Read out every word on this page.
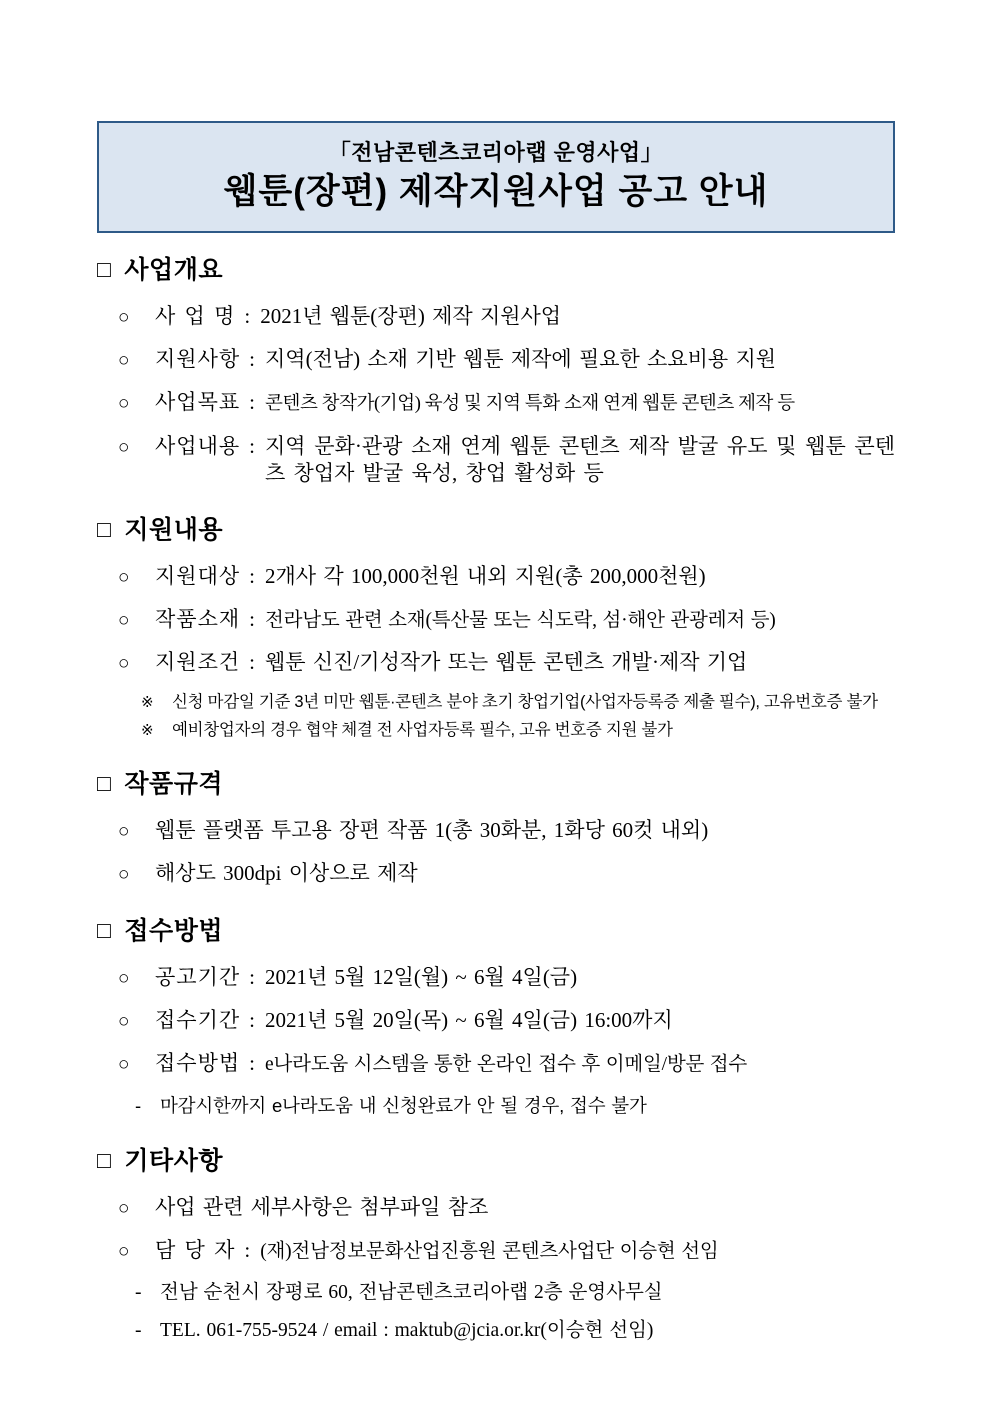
「전남콘텐츠코리아랩 운영사업」
웹툰(장편) 제작지원사업 공고 안내
□ 사업개요
○	사 업 명 : 2021년 웹툰(장편) 제작 지원사업
○	지원사항 : 지역(전남) 소재 기반 웹툰 제작에 필요한 소요비용 지원
○	사업목표 : 콘텐츠 창작가(기업) 육성 및 지역 특화 소재 연계 웹툰 콘텐츠 제작 등
○	사업내용 : 지역 문화·관광 소재 연계 웹툰 콘텐츠 제작 발굴 유도 및 웹툰 콘텐츠 창업자 발굴 육성, 창업 활성화 등
□ 지원내용
○	지원대상 : 2개사 각 100,000천원 내외 지원(총 200,000천원)
○	작품소재 : 전라남도 관련 소재(특산물 또는 식도락, 섬·해안 관광레저 등)
○	지원조건 : 웹툰 신진/기성작가 또는 웹툰 콘텐츠 개발·제작 기업
※	신청 마감일 기준 3년 미만 웹툰·콘텐츠 분야 초기 창업기업(사업자등록증 제출 필수), 고유번호증 불가
※	예비창업자의 경우 협약 체결 전 사업자등록 필수, 고유 번호증 지원 불가
□ 작품규격
○	웹툰 플랫폼 투고용 장편 작품 1(총 30화분, 1화당 60컷 내외)
○	해상도 300dpi 이상으로 제작
□ 접수방법
○	공고기간 : 2021년 5월 12일(월) ~ 6월 4일(금)
○	접수기간 : 2021년 5월 20일(목) ~ 6월 4일(금) 16:00까지
○	접수방법 : e나라도움 시스템을 통한 온라인 접수 후 이메일/방문 접수
-	마감시한까지 e나라도움 내 신청완료가 안 될 경우, 접수 불가
□ 기타사항
○	사업 관련 세부사항은 첨부파일 참조
○	담 당 자 : (재)전남정보문화산업진흥원 콘텐츠사업단 이승현 선임
- 전남 순천시 장평로 60, 전남콘텐츠코리아랩 2층 운영사무실
- TEL. 061-755-9524 / email : maktub@jcia.or.kr(이승현 선임)
